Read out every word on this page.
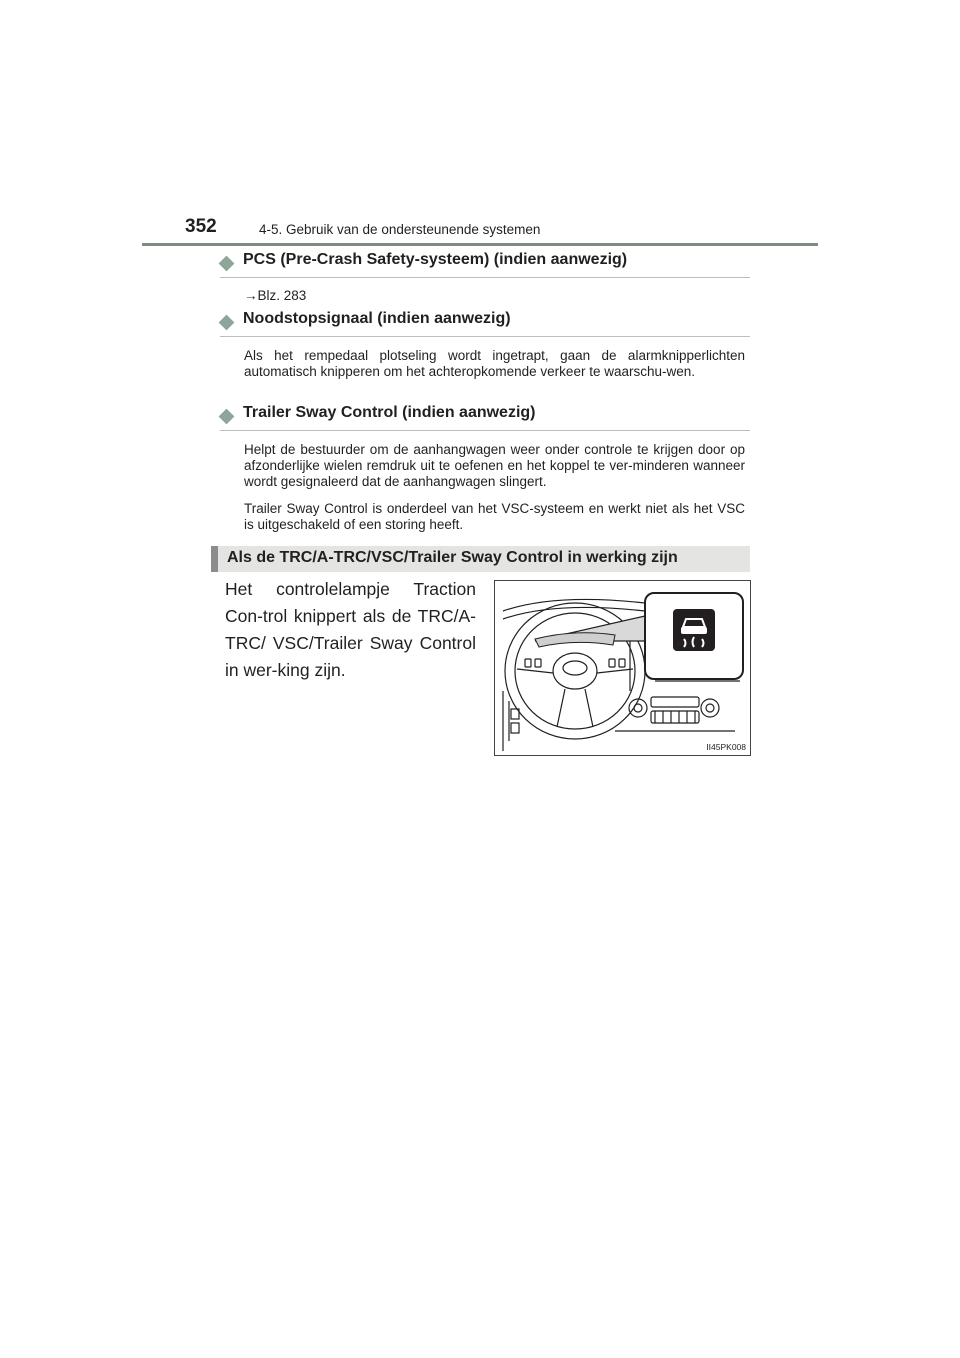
352	4-5. Gebruik van de ondersteunende systemen
PCS (Pre-Crash Safety-systeem) (indien aanwezig)
→Blz. 283
Noodstopsignaal (indien aanwezig)
Als het rempedaal plotseling wordt ingetrapt, gaan de alarmknipperlichten automatisch knipperen om het achteropkomende verkeer te waarschu-wen.
Trailer Sway Control (indien aanwezig)
Helpt de bestuurder om de aanhangwagen weer onder controle te krijgen door op afzonderlijke wielen remdruk uit te oefenen en het koppel te ver-minderen wanneer wordt gesignaleerd dat de aanhangwagen slingert.
Trailer Sway Control is onderdeel van het VSC-systeem en werkt niet als het VSC is uitgeschakeld of een storing heeft.
Als de TRC/A-TRC/VSC/Trailer Sway Control in werking zijn
Het controlelampje Traction Con-trol knippert als de TRC/A-TRC/ VSC/Trailer Sway Control in wer-king zijn.
II45PK008
